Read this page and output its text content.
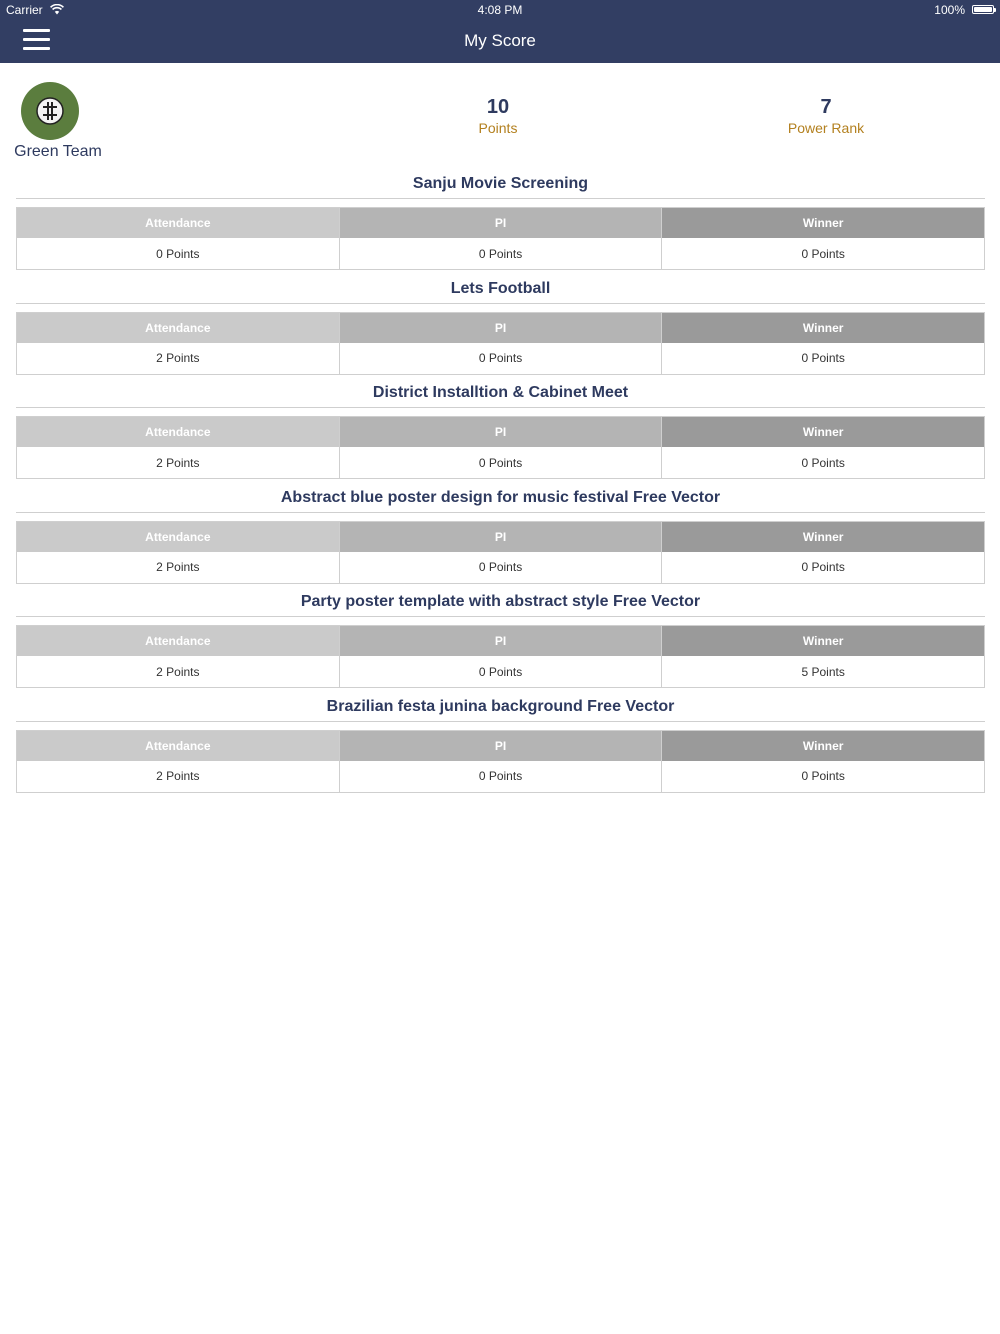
Carrier	4:08 PM	100%
My Score
Green Team
10
Points
7
Power Rank
Sanju Movie Screening
Attendance
0 Points
PI
0 Points
Winner
0 Points
Lets Football
Attendance
2 Points
PI
0 Points
Winner
0 Points
District Installtion & Cabinet Meet
Attendance
2 Points
PI
0 Points
Winner
0 Points
Abstract blue poster design for music festival Free Vector
Attendance
2 Points
PI
0 Points
Winner
0 Points
Party poster template with abstract style Free Vector
Attendance
2 Points
PI
0 Points
Winner
5 Points
Brazilian festa junina background Free Vector
Attendance
2 Points
PI
0 Points
Winner
0 Points
